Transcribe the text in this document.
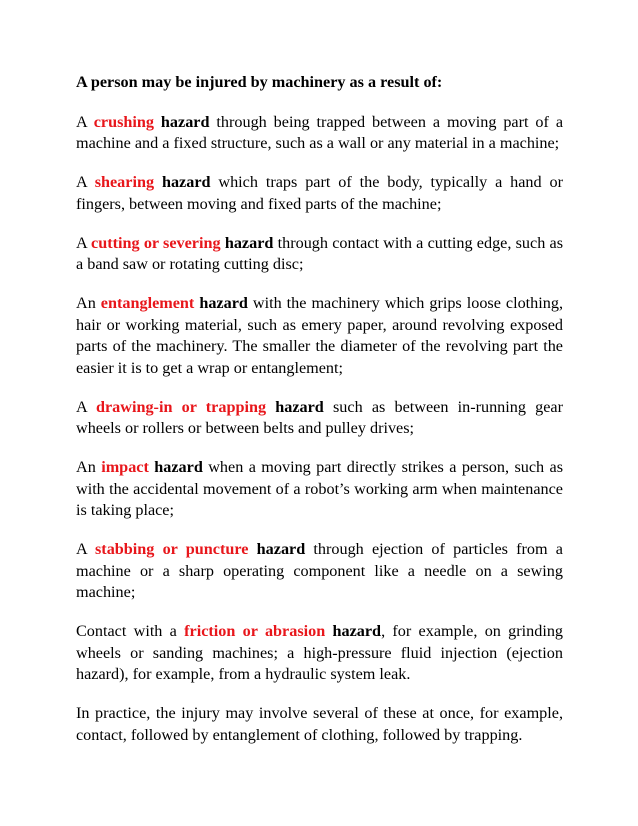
A person may be injured by machinery as a result of:

A crushing hazard through being trapped between a moving part of a machine and a fixed structure, such as a wall or any material in a machine;

A shearing hazard which traps part of the body, typically a hand or fingers, between moving and fixed parts of the machine;

A cutting or severing hazard through contact with a cutting edge, such as a band saw or rotating cutting disc;

An entanglement hazard with the machinery which grips loose clothing, hair or working material, such as emery paper, around revolving exposed parts of the machinery. The smaller the diameter of the revolving part the easier it is to get a wrap or entanglement;

A drawing-in or trapping hazard such as between in-running gear wheels or rollers or between belts and pulley drives;

An impact hazard when a moving part directly strikes a person, such as with the accidental movement of a robot’s working arm when maintenance is taking place;

A stabbing or puncture hazard through ejection of particles from a machine or a sharp operating component like a needle on a sewing machine;

Contact with a friction or abrasion hazard, for example, on grinding wheels or sanding machines; a high-pressure fluid injection (ejection hazard), for example, from a hydraulic system leak.

In practice, the injury may involve several of these at once, for example, contact, followed by entanglement of clothing, followed by trapping.
